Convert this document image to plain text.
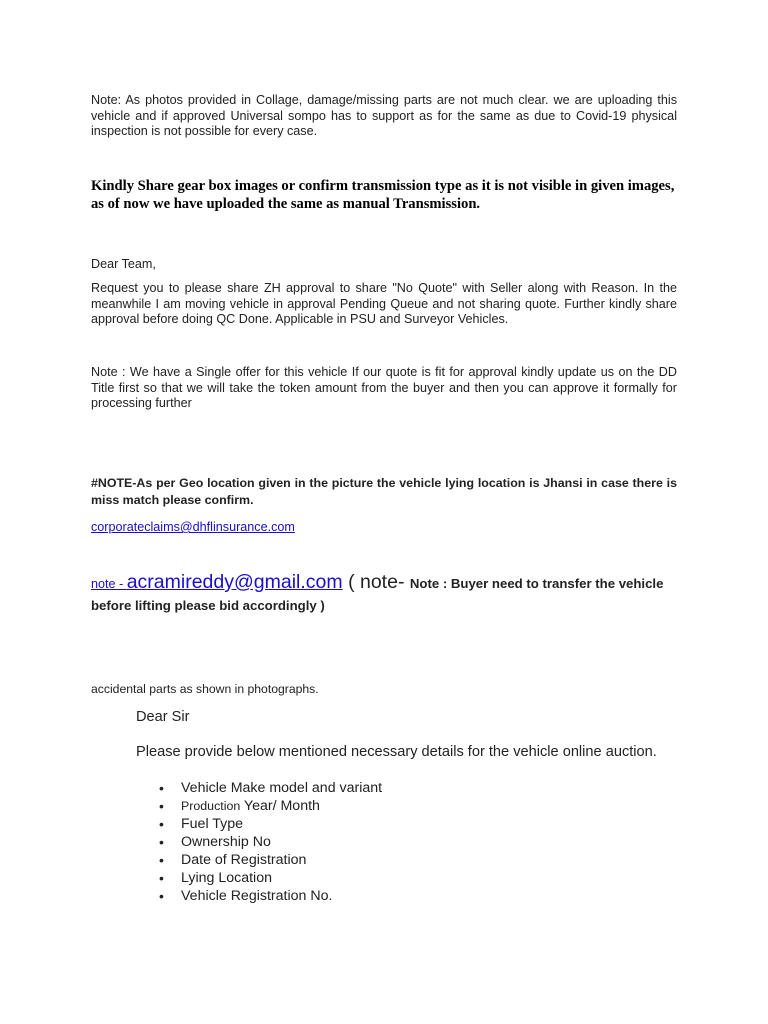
Note: As photos provided in Collage, damage/missing parts are not much clear. we are uploading this vehicle and if approved Universal sompo has to support as for the same as due to Covid-19 physical inspection is not possible for every case.
Kindly Share gear box images or confirm transmission type as it is not visible in given images, as of now we have uploaded the same as manual Transmission.
Dear Team,
Request you to please share ZH approval to share "No Quote" with Seller along with Reason. In the meanwhile I am moving vehicle in approval Pending Queue and not sharing quote. Further kindly share approval before doing QC Done. Applicable in PSU and Surveyor Vehicles.
Note : We have a Single offer for this vehicle If our quote is fit for approval kindly update us on the DD Title first so that we will take the token amount from the buyer and then you can approve it formally for processing further
#NOTE-As per Geo location given in the picture the vehicle lying location is Jhansi in case there is miss match please confirm.
corporateclaims@dhflinsurance.com
note - acramireddy@gmail.com ( note- Note : Buyer need to transfer the vehicle before lifting please bid accordingly )
accidental parts as shown in photographs.
Dear Sir
Please provide below mentioned necessary details for the vehicle online auction.
• Vehicle Make model and variant
• Production Year/ Month
• Fuel Type
• Ownership No
• Date of Registration
• Lying Location
• Vehicle Registration No.
